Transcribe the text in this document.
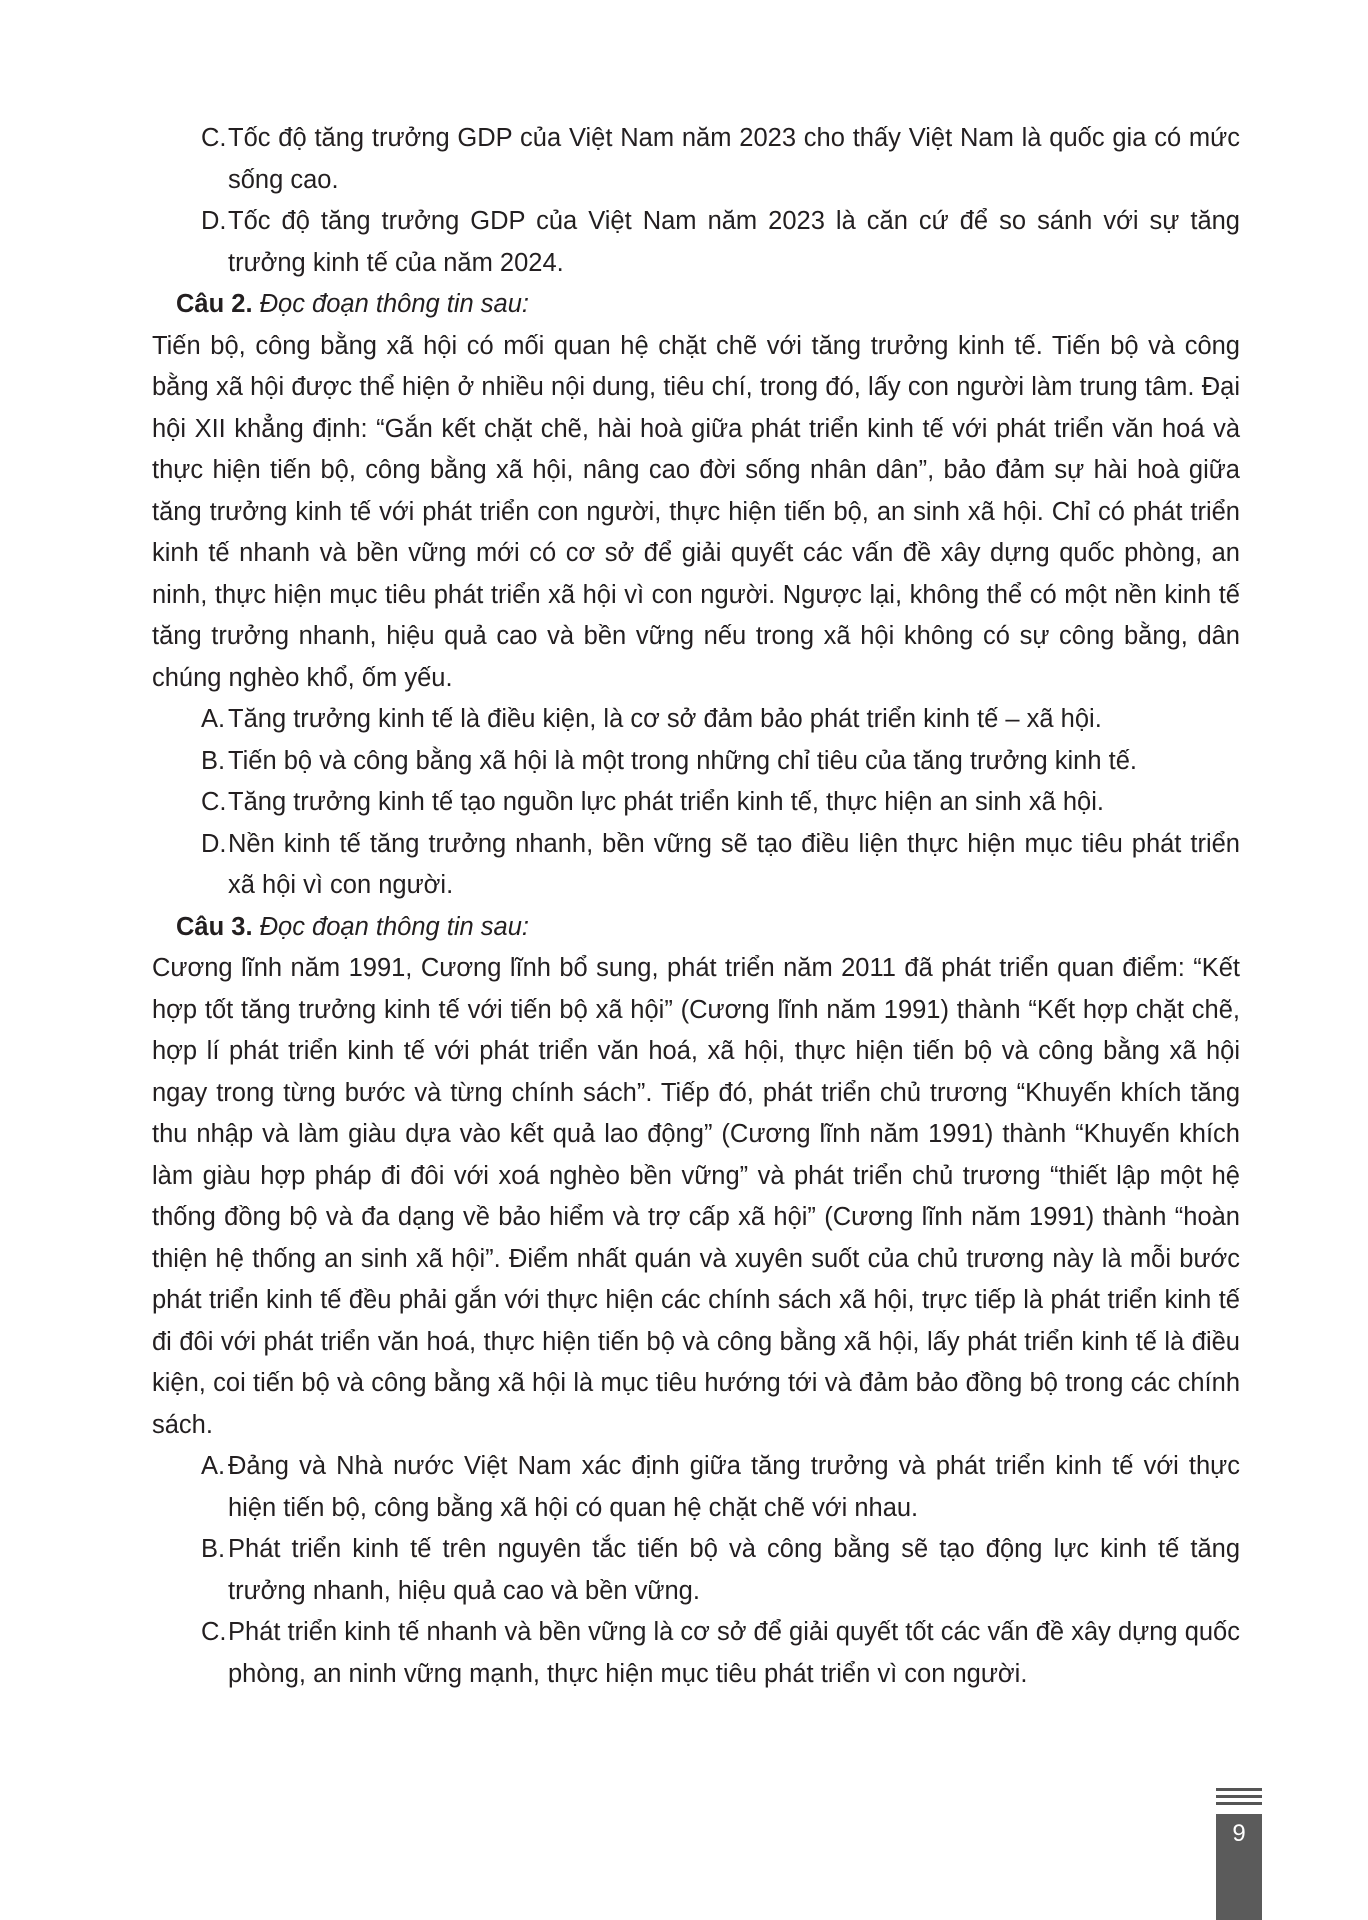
C.Tốc độ tăng trưởng GDP của Việt Nam năm 2023 cho thấy Việt Nam là quốc gia có mức sống cao.

D.Tốc độ tăng trưởng GDP của Việt Nam năm 2023 là căn cứ để so sánh với sự tăng trưởng kinh tế của năm 2024.

Câu 2. Đọc đoạn thông tin sau:

Tiến bộ, công bằng xã hội có mối quan hệ chặt chẽ với tăng trưởng kinh tế. Tiến bộ và công bằng xã hội được thể hiện ở nhiều nội dung, tiêu chí, trong đó, lấy con người làm trung tâm. Đại hội XII khẳng định: “Gắn kết chặt chẽ, hài hoà giữa phát triển kinh tế với phát triển văn hoá và thực hiện tiến bộ, công bằng xã hội, nâng cao đời sống nhân dân”, bảo đảm sự hài hoà giữa tăng trưởng kinh tế với phát triển con người, thực hiện tiến bộ, an sinh xã hội. Chỉ có phát triển kinh tế nhanh và bền vững mới có cơ sở để giải quyết các vấn đề xây dựng quốc phòng, an ninh, thực hiện mục tiêu phát triển xã hội vì con người. Ngược lại, không thể có một nền kinh tế tăng trưởng nhanh, hiệu quả cao và bền vững nếu trong xã hội không có sự công bằng, dân chúng nghèo khổ, ốm yếu.

A. Tăng trưởng kinh tế là điều kiện, là cơ sở đảm bảo phát triển kinh tế – xã hội.

B. Tiến bộ và công bằng xã hội là một trong những chỉ tiêu của tăng trưởng kinh tế.

C.Tăng trưởng kinh tế tạo nguồn lực phát triển kinh tế, thực hiện an sinh xã hội.

D.Nền kinh tế tăng trưởng nhanh, bền vững sẽ tạo điều liện thực hiện mục tiêu phát triển xã hội vì con người.

Câu 3. Đọc đoạn thông tin sau:

Cương lĩnh năm 1991, Cương lĩnh bổ sung, phát triển năm 2011 đã phát triển quan điểm: “Kết hợp tốt tăng trưởng kinh tế với tiến bộ xã hội” (Cương lĩnh năm 1991) thành “Kết hợp chặt chẽ, hợp lí phát triển kinh tế với phát triển văn hoá, xã hội, thực hiện tiến bộ và công bằng xã hội ngay trong từng bước và từng chính sách”. Tiếp đó, phát triển chủ trương “Khuyến khích tăng thu nhập và làm giàu dựa vào kết quả lao động” (Cương lĩnh năm 1991) thành “Khuyến khích làm giàu hợp pháp đi đôi với xoá nghèo bền vững” và phát triển chủ trương “thiết lập một hệ thống đồng bộ và đa dạng về bảo hiểm và trợ cấp xã hội” (Cương lĩnh năm 1991) thành “hoàn thiện hệ thống an sinh xã hội”. Điểm nhất quán và xuyên suốt của chủ trương này là mỗi bước phát triển kinh tế đều phải gắn với thực hiện các chính sách xã hội, trực tiếp là phát triển kinh tế đi đôi với phát triển văn hoá, thực hiện tiến bộ và công bằng xã hội, lấy phát triển kinh tế là điều kiện, coi tiến bộ và công bằng xã hội là mục tiêu hướng tới và đảm bảo đồng bộ trong các chính sách.

A. Đảng và Nhà nước Việt Nam xác định giữa tăng trưởng và phát triển kinh tế với thực hiện tiến bộ, công bằng xã hội có quan hệ chặt chẽ với nhau.

B. Phát triển kinh tế trên nguyên tắc tiến bộ và công bằng sẽ tạo động lực kinh tế tăng trưởng nhanh, hiệu quả cao và bền vững.

C.Phát triển kinh tế nhanh và bền vững là cơ sở để giải quyết tốt các vấn đề xây dựng quốc phòng, an ninh vững mạnh, thực hiện mục tiêu phát triển vì con người.

9
